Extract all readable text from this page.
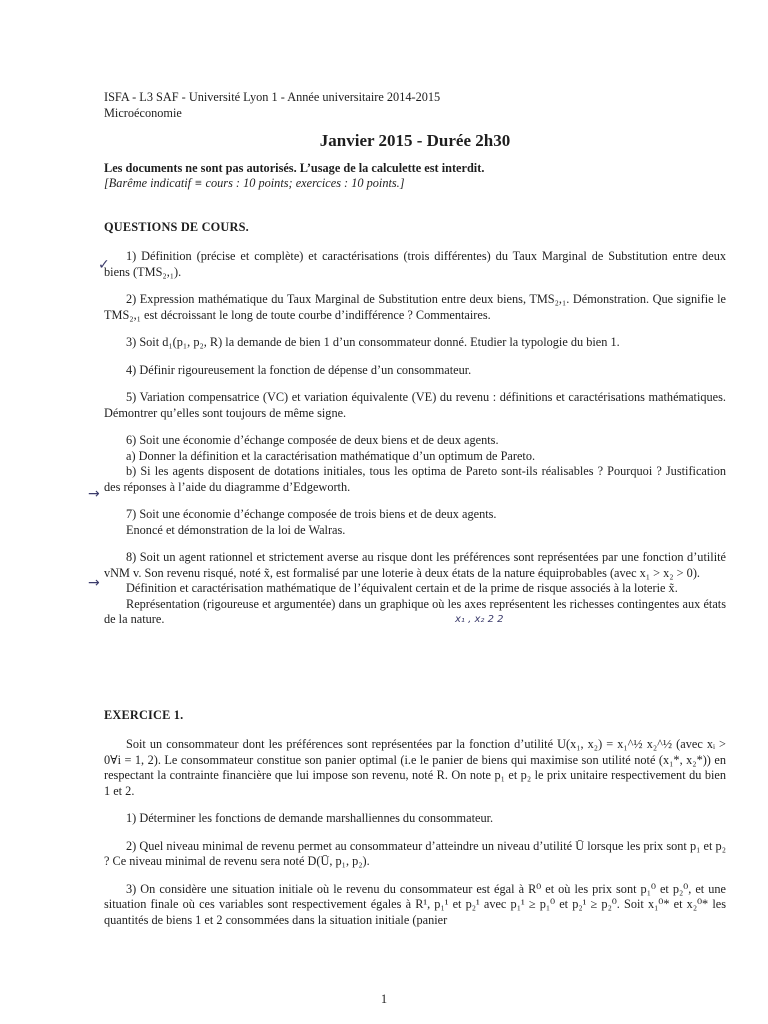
ISFA - L3 SAF - Université Lyon 1 - Année universitaire 2014-2015

Microéconomie

Janvier 2015 - Durée 2h30

Les documents ne sont pas autorisés. L’usage de la calculette est interdit.

[Barême indicatif ≡ cours : 10 points; exercices : 10 points.]

QUESTIONS DE COURS.

1) Définition (précise et complète) et caractérisations (trois différentes) du Taux Marginal de Substitution entre deux biens (TMS₂,₁).

2) Expression mathématique du Taux Marginal de Substitution entre deux biens, TMS₂,₁. Démonstration. Que signifie le TMS₂,₁ est décroissant le long de toute courbe d’indifférence ? Commentaires.

3) Soit d₁(p₁, p₂, R) la demande de bien 1 d’un consommateur donné. Etudier la typologie du bien 1.

4) Définir rigoureusement la fonction de dépense d’un consommateur.

5) Variation compensatrice (VC) et variation équivalente (VE) du revenu : définitions et caractérisations mathématiques. Démontrer qu’elles sont toujours de même signe.

6) Soit une économie d’échange composée de deux biens et de deux agents.

a) Donner la définition et la caractérisation mathématique d’un optimum de Pareto.

b) Si les agents disposent de dotations initiales, tous les optima de Pareto sont-ils réalisables ? Pourquoi ? Justification des réponses à l’aide du diagramme d’Edgeworth.

7) Soit une économie d’échange composée de trois biens et de deux agents.

Enoncé et démonstration de la loi de Walras.

8) Soit un agent rationnel et strictement averse au risque dont les préférences sont représentées par une fonction d’utilité vNM v. Son revenu risqué, noté x̃, est formalisé par une loterie à deux états de la nature équiprobables (avec x₁ > x₂ > 0).

Définition et caractérisation mathématique de l’équivalent certain et de la prime de risque associés à la loterie x̃.

Représentation (rigoureuse et argumentée) dans un graphique où les axes représentent les richesses contingentes aux états de la nature.

EXERCICE 1.

Soit un consommateur dont les préférences sont représentées par la fonction d’utilité U(x₁, x₂) = x₁^½ x₂^½ (avec xᵢ > 0∀i = 1, 2). Le consommateur constitue son panier optimal (i.e le panier de biens qui maximise son utilité noté (x₁*, x₂*)) en respectant la contrainte financière que lui impose son revenu, noté R. On note p₁ et p₂ le prix unitaire respectivement du bien 1 et 2.

1) Déterminer les fonctions de demande marshalliennes du consommateur.

2) Quel niveau minimal de revenu permet au consommateur d’atteindre un niveau d’utilité Ū lorsque les prix sont p₁ et p₂ ? Ce niveau minimal de revenu sera noté D(Ū, p₁, p₂).

3) On considère une situation initiale où le revenu du consommateur est égal à R⁰ et où les prix sont p₁⁰ et p₂⁰, et une situation finale où ces variables sont respectivement égales à R¹, p₁¹ et p₂¹ avec p₁¹ ≥ p₁⁰ et p₂¹ ≥ p₂⁰. Soit x₁⁰* et x₂⁰* les quantités de biens 1 et 2 consommées dans la situation initiale (panier

✓
→
→
x₁ , x₂ 2 2
1
